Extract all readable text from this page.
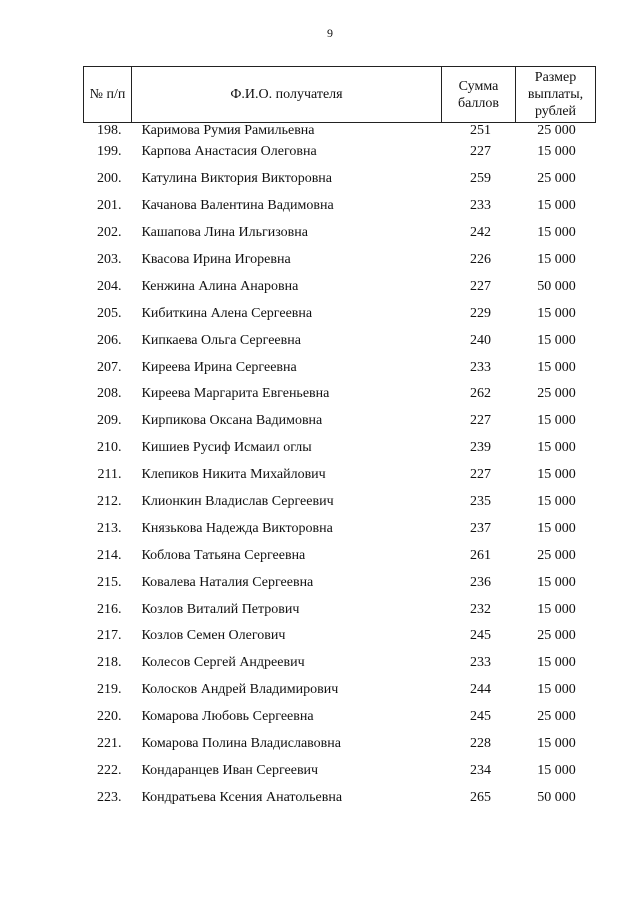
9
№ п/п	Ф.И.О. получателя	Сумма баллов	Размер выплаты, рублей
198.	Каримова Румия Рамильевна	251	25 000
199.	Карпова Анастасия Олеговна	227	15 000
200.	Катулина Виктория Викторовна	259	25 000
201.	Качанова Валентина Вадимовна	233	15 000
202.	Кашапова Лина Ильгизовна	242	15 000
203.	Квасова Ирина Игоревна	226	15 000
204.	Кенжина Алина Анаровна	227	50 000
205.	Кибиткина Алена Сергеевна	229	15 000
206.	Кипкаева Ольга Сергеевна	240	15 000
207.	Киреева Ирина Сергеевна	233	15 000
208.	Киреева Маргарита Евгеньевна	262	25 000
209.	Кирпикова Оксана Вадимовна	227	15 000
210.	Кишиев Русиф Исмаил оглы	239	15 000
211.	Клепиков Никита Михайлович	227	15 000
212.	Клионкин Владислав Сергеевич	235	15 000
213.	Князькова Надежда Викторовна	237	15 000
214.	Коблова Татьяна Сергеевна	261	25 000
215.	Ковалева Наталия Сергеевна	236	15 000
216.	Козлов Виталий Петрович	232	15 000
217.	Козлов Семен Олегович	245	25 000
218.	Колесов Сергей Андреевич	233	15 000
219.	Колосков Андрей Владимирович	244	15 000
220.	Комарова Любовь Сергеевна	245	25 000
221.	Комарова Полина Владиславовна	228	15 000
222.	Кондаранцев Иван Сергеевич	234	15 000
223.	Кондратьева Ксения Анатольевна	265	50 000
